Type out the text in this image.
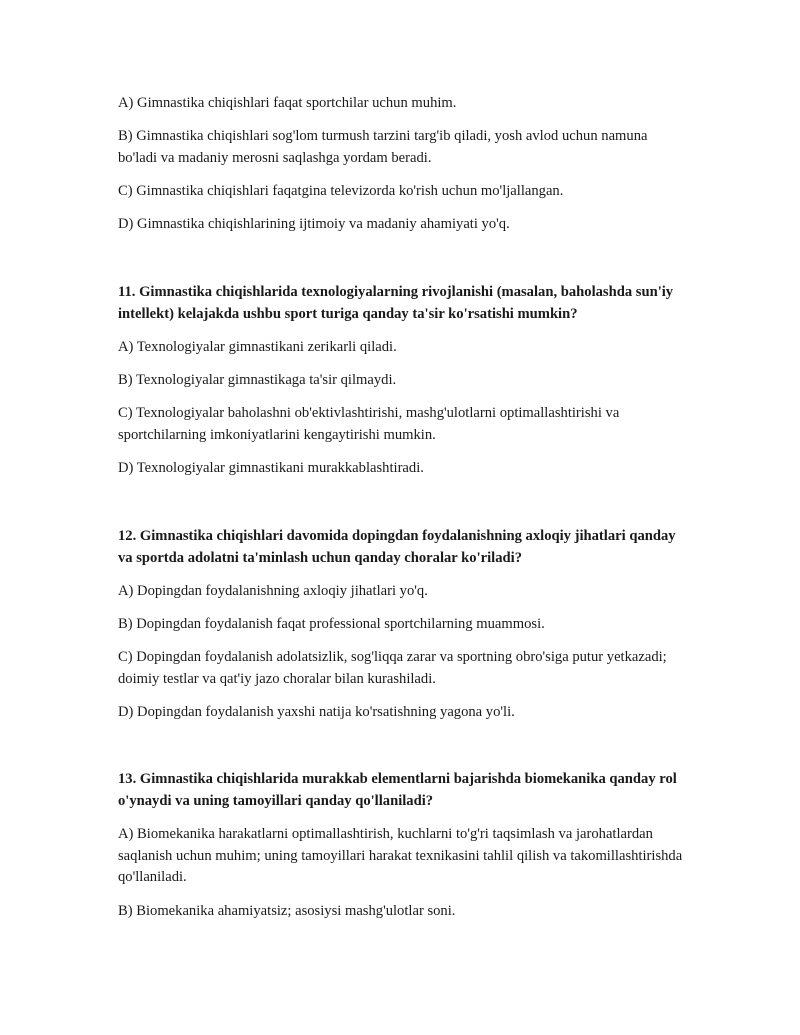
A) Gimnastika chiqishlari faqat sportchilar uchun muhim.

B) Gimnastika chiqishlari sog'lom turmush tarzini targ'ib qiladi, yosh avlod uchun namuna bo'ladi va madaniy merosni saqlashga yordam beradi.

C) Gimnastika chiqishlari faqatgina televizorda ko'rish uchun mo'ljallangan.

D) Gimnastika chiqishlarining ijtimoiy va madaniy ahamiyati yo'q.

11. Gimnastika chiqishlarida texnologiyalarning rivojlanishi (masalan, baholashda sun'iy intellekt) kelajakda ushbu sport turiga qanday ta'sir ko'rsatishi mumkin?

A) Texnologiyalar gimnastikani zerikarli qiladi.

B) Texnologiyalar gimnastikaga ta'sir qilmaydi.

C) Texnologiyalar baholashni ob'ektivlashtirishi, mashg'ulotlarni optimallashtirishi va sportchilarning imkoniyatlarini kengaytirishi mumkin.

D) Texnologiyalar gimnastikani murakkablashtiradi.

12. Gimnastika chiqishlari davomida dopingdan foydalanishning axloqiy jihatlari qanday va sportda adolatni ta'minlash uchun qanday choralar ko'riladi?

A) Dopingdan foydalanishning axloqiy jihatlari yo'q.

B) Dopingdan foydalanish faqat professional sportchilarning muammosi.

C) Dopingdan foydalanish adolatsizlik, sog'liqqa zarar va sportning obro'siga putur yetkazadi; doimiy testlar va qat'iy jazo choralar bilan kurashiladi.

D) Dopingdan foydalanish yaxshi natija ko'rsatishning yagona yo'li.

13. Gimnastika chiqishlarida murakkab elementlarni bajarishda biomekanika qanday rol o'ynaydi va uning tamoyillari qanday qo'llaniladi?

A) Biomekanika harakatlarni optimallashtirish, kuchlarni to'g'ri taqsimlash va jarohatlardan saqlanish uchun muhim; uning tamoyillari harakat texnikasini tahlil qilish va takomillashtirishda qo'llaniladi.

B) Biomekanika ahamiyatsiz; asosiysi mashg'ulotlar soni.
